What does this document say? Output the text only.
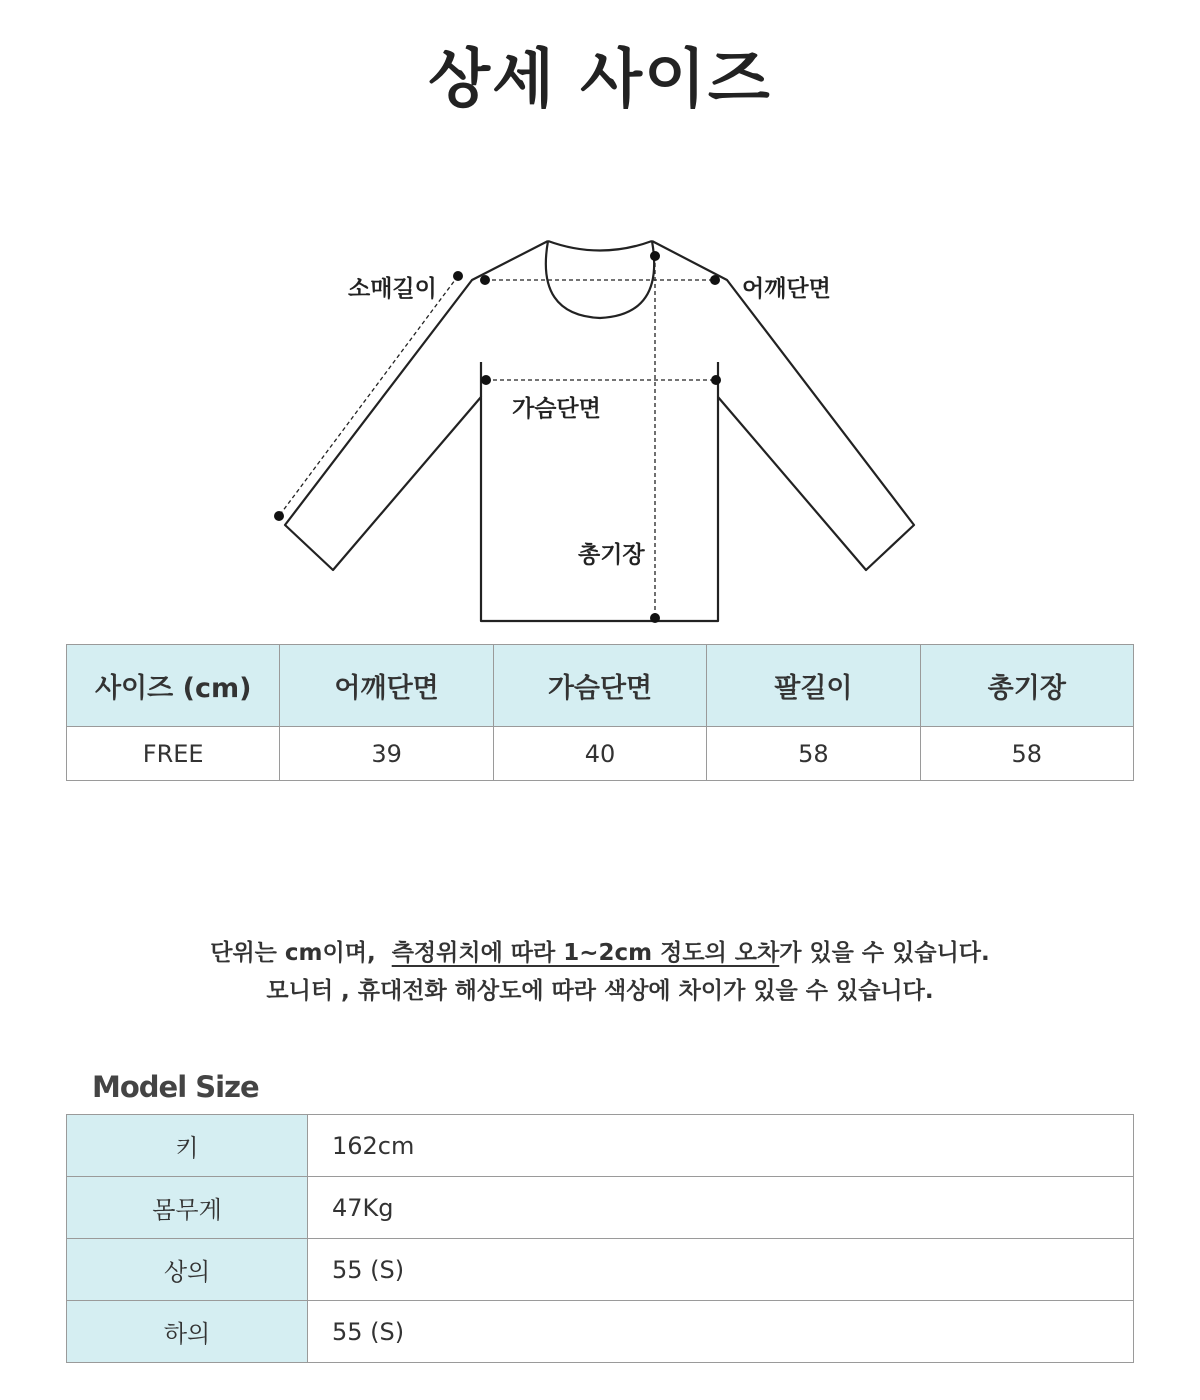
상세 사이즈
소매길이	어깨단면
가슴단면
총기장
사이즈 (cm)	어깨단면	가슴단면	팔길이	총기장
FREE	39	40	58	58
단위는 cm이며, 측정위치에 따라 1~2cm 정도의 오차가 있을 수 있습니다.
모니터 , 휴대전화 해상도에 따라 색상에 차이가 있을 수 있습니다.
Model Size
키	162cm
몸무게	47Kg
상의	55 (S)
하의	55 (S)
